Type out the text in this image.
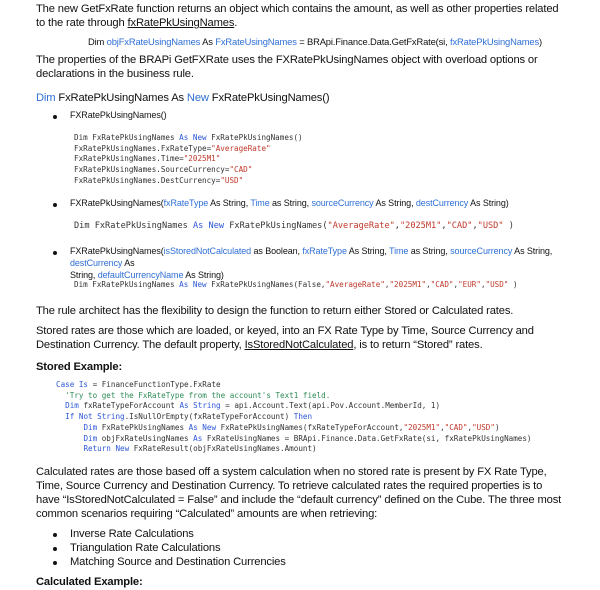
The new GetFxRate function returns an object which contains the amount, as well as other properties related to the rate through fxRatePkUsingNames.
Dim objFxRateUsingNames As FxRateUsingNames = BRApi.Finance.Data.GetFxRate(si, fxRatePkUsingNames)
The properties of the BRAPi GetFXRate uses the FXRatePkUsingNames object with overload options or declarations in the business rule.
Dim FxRatePkUsingNames As New FxRatePkUsingNames()
FXRatePkUsingNames()
Dim FxRatePkUsingNames As New FxRatePkUsingNames()
FxRatePkUsingNames.FxRateType="AverageRate"
FxRatePkUsingNames.Time="2025M1"
FxRatePkUsingNames.SourceCurrency="CAD"
FxRatePkUsingNames.DestCurrency="USD"
FXRatePkUsingNames(fxRateType As String, Time as String, sourceCurrency As String, destCurrency As String)
Dim FxRatePkUsingNames As New FxRatePkUsingNames("AverageRate","2025M1","CAD","USD" )
FXRatePkUsingNames(isStoredNotCalculated as Boolean, fxRateType As String, Time as String, sourceCurrency As String, destCurrency As
String, defaultCurrencyName As String)
Dim FxRatePkUsingNames As New FxRatePkUsingNames(False,"AverageRate","2025M1","CAD","EUR","USD" )
The rule architect has the flexibility to design the function to return either Stored or Calculated rates.
Stored rates are those which are loaded, or keyed, into an FX Rate Type by Time, Source Currency and Destination Currency. The default property, IsStoredNotCalculated, is to return “Stored” rates.
Stored Example:
Case Is = FinanceFunctionType.FxRate
'Try to get the FxRateType from the account's Text1 field.
Dim fxRateTypeForAccount As String = api.Account.Text(api.Pov.Account.MemberId, 1)
If Not String.IsNullOrEmpty(fxRateTypeForAccount) Then
Dim FxRatePkUsingNames As New FxRatePkUsingNames(fxRateTypeForAccount,"2025M1","CAD","USD")
Dim objFxRateUsingNames As FxRateUsingNames = BRApi.Finance.Data.GetFxRate(si, fxRatePkUsingNames)
Return New FxRateResult(objFxRateUsingNames.Amount)
Calculated rates are those based off a system calculation when no stored rate is present by FX Rate Type, Time, Source Currency and Destination Currency. To retrieve calculated rates the required properties is to have “IsStoredNotCalculated = False” and include the “default currency” defined on the Cube. The three most common scenarios requiring “Calculated” amounts are when retrieving:
Inverse Rate Calculations
Triangulation Rate Calculations
Matching Source and Destination Currencies
Calculated Example:
